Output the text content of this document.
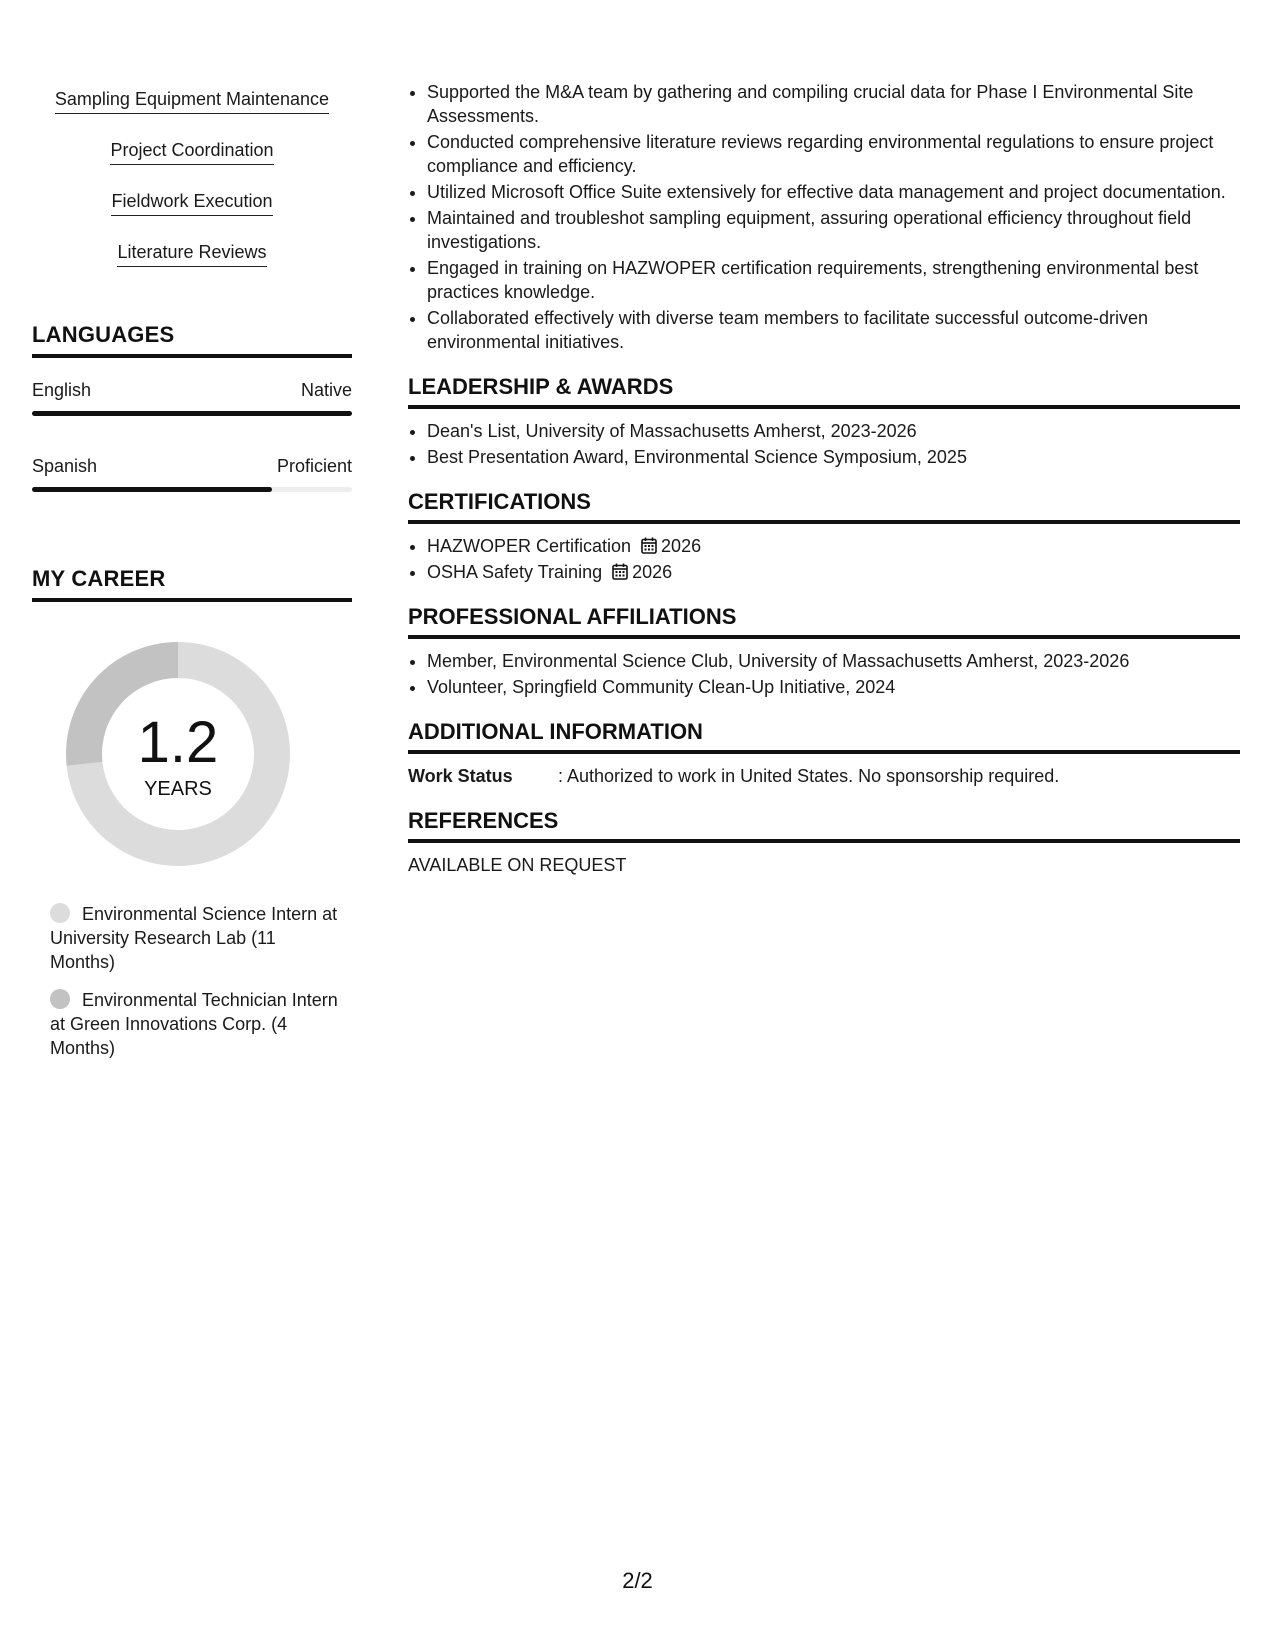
Sampling Equipment Maintenance
Project Coordination
Fieldwork Execution
Literature Reviews
LANGUAGES
English	Native
Spanish	Proficient
MY CAREER
1.2
YEARS
Environmental Science Intern at University Research Lab (11 Months)
Environmental Technician Intern at Green Innovations Corp. (4 Months)
• Supported the M&A team by gathering and compiling crucial data for Phase I Environmental Site Assessments.
• Conducted comprehensive literature reviews regarding environmental regulations to ensure project compliance and efficiency.
• Utilized Microsoft Office Suite extensively for effective data management and project documentation.
• Maintained and troubleshot sampling equipment, assuring operational efficiency throughout field investigations.
• Engaged in training on HAZWOPER certification requirements, strengthening environmental best practices knowledge.
• Collaborated effectively with diverse team members to facilitate successful outcome-driven environmental initiatives.
LEADERSHIP & AWARDS
• Dean's List, University of Massachusetts Amherst, 2023-2026
• Best Presentation Award, Environmental Science Symposium, 2025
CERTIFICATIONS
• HAZWOPER Certification 2026
• OSHA Safety Training 2026
PROFESSIONAL AFFILIATIONS
• Member, Environmental Science Club, University of Massachusetts Amherst, 2023-2026
• Volunteer, Springfield Community Clean-Up Initiative, 2024
ADDITIONAL INFORMATION
Work Status	: Authorized to work in United States. No sponsorship required.
REFERENCES
AVAILABLE ON REQUEST
2/2
